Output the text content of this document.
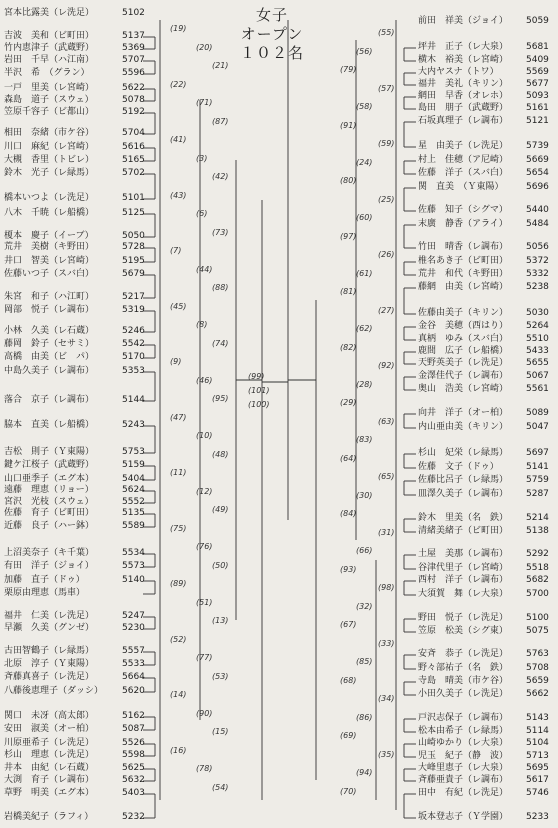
女子
オープン
１０２名
宮本比露美（レ洗足）	5102
吉波　美和（ビ町田）	5137
竹内恵津子（武蔵野）	5369
岩田　千早（ハ江南）	5707
半沢　希　（グラン）	5596
一戸　里美（レ宮崎）	5622
森島　道子（スウェ）	5078
笠原千容子（ビ都山）	5192
相田　奈緒（市ケ谷）	5704
川口　麻紀（レ宮崎）	5616
大槻　香里（トビレ）	5165
鈴木　光子（レ緑馬）	5702
橋本いつよ（レ洗足）	5101
八木　千暁（レ船橋）	5125
榎本　慶子（イーブ）	5050
荒井　美樹（キ野田）	5728
井口　智美（レ宮崎）	5195
佐藤いつ子（スバ白）	5679
朱宮　和子（ハ江町）	5217
岡部　悦子（レ調布）	5319
小林　久美（レ石蔵）	5246
藤岡　鈴子（セサミ）	5542
高橋　由美（ビ　パ）	5170
中島久美子（レ調布）	5353
落合　京子（レ調布）	5144
脇本　直美（レ船橋）	5243
吉松　則子（Ｙ東陽）	5753
鍵ケ江桜子（武蔵野）	5159
山口亜季子（エグ本）	5404
遠藤　理恵（リョー）	5624
宮沢　光枝（スウェ）	5552
佐藤　育子（ビ町田）	5135
近藤　良子（ハー鉢）	5589
上沼美奈子（キ千葉）	5534
有田　洋子（ジョイ）	5573
加藤　直子（ドゥ）	5140
栗原由理恵（馬車）
福井　仁美（レ洗足）	5247
早瀬　久美（グンゼ）	5230
古田智鶴子（レ緑馬）	5557
北原　淳子（Ｙ東陽）	5533
斉藤真喜子（レ洗足）	5664
八藤後恵理子（ダッシ） 5620
関口　未冴（高太郎）	5162
安田　淑美（オー柏）	5087
川原亜希子（レ洗足）	5526
杉山　理恵（レ洗足）	5598
井本　由紀（レ石蔵）	5625
大渕　育子（レ調布）	5632
草野　明美（エグ本）	5403
岩橋美紀子（ラフィ）	5232
前田　祥美（ジョイ） 5059
坪井　正子（レ大泉） 5681
横木　裕美（レ宮崎） 5409
大内ヤスナ（トワ）	5569
福井　美礼（キリン） 5677
網田　早香（オレホ） 5093
島田　朋子（武蔵野） 5161
石坂真理子（レ調布） 5121
星　由美子（レ洗足） 5739
村上　佳穂（ア尼崎） 5669
佐藤　洋子（スバ白） 5654
関　直美　（Ｙ東陽） 5696
佐藤　知子（シグマ） 5440
末廣　静香（アライ） 5484
竹田　晴香（レ調布） 5056
椎名あき子（ビ町田） 5372
荒井　和代（キ野田） 5332
藤網　由美（レ宮崎） 5238
佐藤由美子（キリン） 5030
金谷　美穂（西はり） 5264
真柄　ゆみ（スバ白） 5510
鹿間　広子（レ船橋） 5433
天野英美子（レ洗足） 5655
金澤佳代子（レ調布） 5067
奥山　浩美（レ宮崎） 5561
向井　洋子（オー柏） 5089
内山亜由美（キリン） 5047
杉山　妃栄（レ緑馬） 5697
佐藤　文子（ドゥ）	5141
佐藤比呂子（レ緑馬） 5759
皿澤久美子（レ調布） 5287
鈴木　里美（名　鉄） 5214
清緒美緒子（ビ町田） 5138
土屋　美那（レ調布） 5292
谷津代里子（レ宮崎） 5518
西村　洋子（レ調布） 5682
大須賀　舞（レ大泉） 5700
野田　悦子（レ洗足） 5100
笠原　松美（シグ東） 5075
安斉　恭子（レ洗足） 5763
野々部祐子（名　鉄） 5708
寺島　晴美（市ケ谷） 5659
小田久美子（レ洗足） 5662
戸沢志保子（レ調布） 5143
松本由希子（レ緑馬） 5114
山崎ゆかり（レ大泉） 5104
児玉　紀子（静　波） 5713
大峰里恵子（レ大泉） 5695
斉藤亜貴子（レ調布） 5617
田中　有紀（レ洗足） 5746
坂本登志子（Ｙ学園） 5233
(19)
(20)
(21)
(22)
(71)
(87)
(41)
(3)
(42)
(43)
(6)
(73)
(7)
(44)
(88)
(45)
(8)
(74)
(9)
(46)
(95)
(47)
(10)
(48)
(11)
(12)
(49)
(75)
(76)
(50)
(89)
(51)
(13)
(52)
(77)
(53)
(14)
(90)
(15)
(16)
(78)
(54)
(55)
(56)
(79)
(57)
(58)
(91)
(59)
(24)
(80)
(25)
(60)
(97)
(26)
(61)
(81)
(27)
(62)
(82)
(92)
(28)
(29)
(63)
(83)
(64)
(65)
(30)
(84)
(31)
(66)
(93)
(98)
(32)
(67)
(33)
(85)
(68)
(34)
(86)
(69)
(35)
(94)
(70)
(99)
(101)
(100)
